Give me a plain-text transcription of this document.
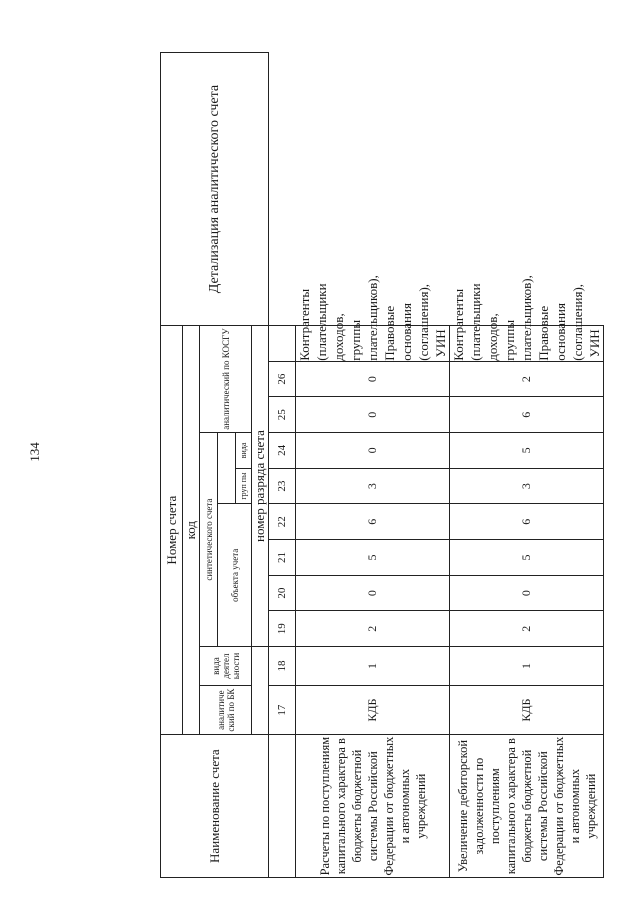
134
Наименование счета	Номер счета											Детализация аналитического счета
	код											
	аналитиче ский по БК	вида деятел ьности	синтетического счета						аналитический по КОСГУ			
			объекта учета									
							груп пы	вида				
			номер разряда счета									
	17	18	19	20	21	22	23	24	25	26		
Расчеты по поступлениям капитального характера в бюджеты бюджетной системы Российской Федерации от бюджетных и автономных учреждений	КДБ	1	2	0	5	6	3	0	0	0	Контрагенты (плательщики доходов, группы плательщиков), Правовые основания (соглашения), УИН	
Увеличение дебиторской задолженности по поступлениям капитального характера в бюджеты бюджетной системы Российской Федерации от бюджетных и автономных учреждений	КДБ	1	2	0	5	6	3	5	6	2	Контрагенты (плательщики доходов, группы плательщиков), Правовые основания (соглашения), УИН	
